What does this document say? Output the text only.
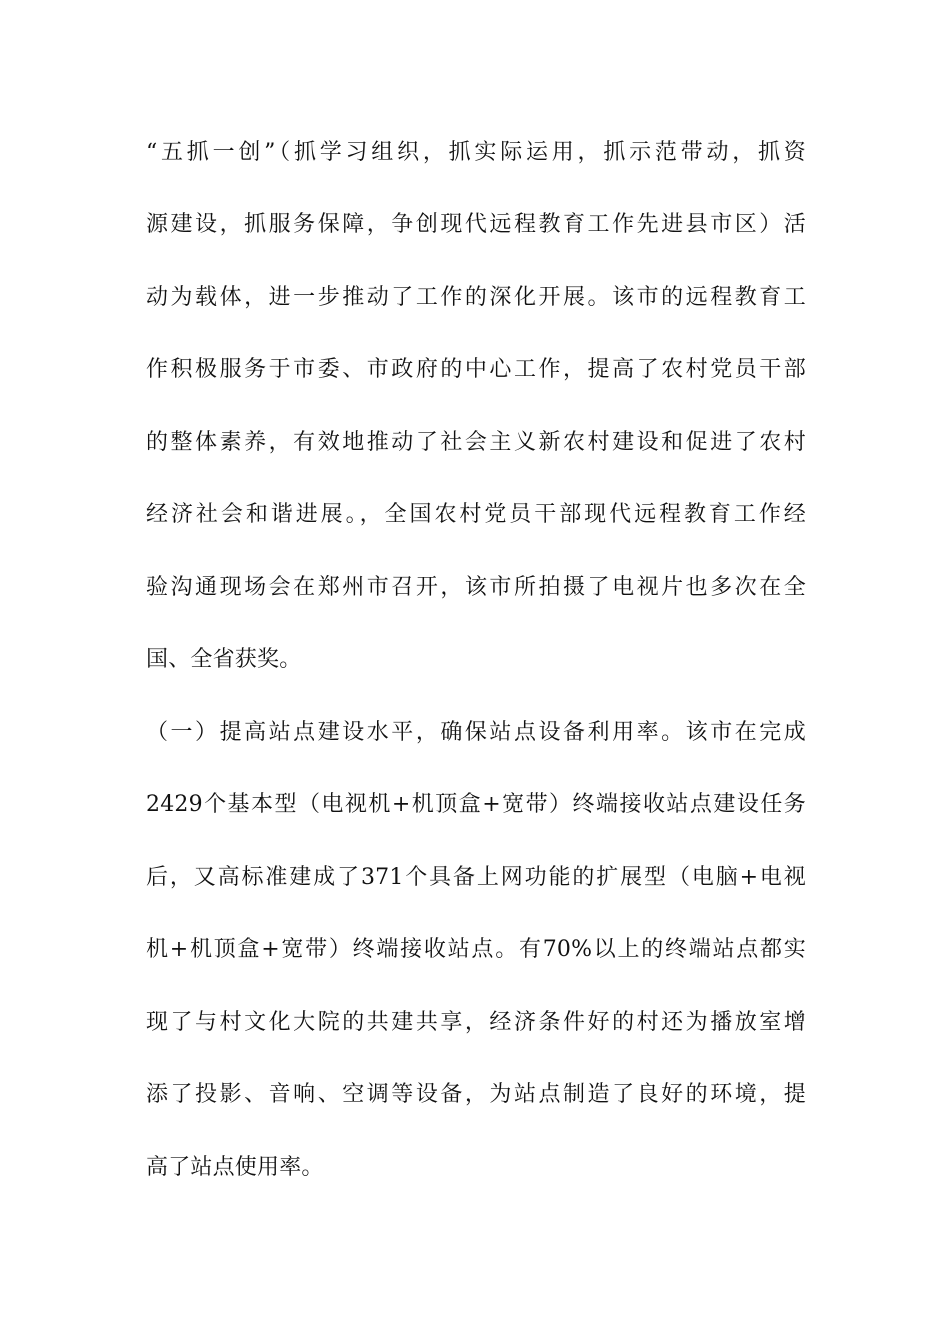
“五抓一创”（抓学习组织，抓实际运用，抓示范带动，抓资
源建设，抓服务保障，争创现代远程教育工作先进县市区）活
动为载体，进一步推动了工作的深化开展。该市的远程教育工
作积极服务于市委、市政府的中心工作，提高了农村党员干部
的整体素养，有效地推动了社会主义新农村建设和促进了农村
经济社会和谐进展。，全国农村党员干部现代远程教育工作经
验沟通现场会在郑州市召开，该市所拍摄了电视片也多次在全
国、全省获奖。
（一）提高站点建设水平，确保站点设备利用率。该市在完成
2429个基本型（电视机+机顶盒+宽带）终端接收站点建设任务
后，又高标准建成了371个具备上网功能的扩展型（电脑+电视
机+机顶盒+宽带）终端接收站点。有70%以上的终端站点都实
现了与村文化大院的共建共享，经济条件好的村还为播放室增
添了投影、音响、空调等设备，为站点制造了良好的环境，提
高了站点使用率。
